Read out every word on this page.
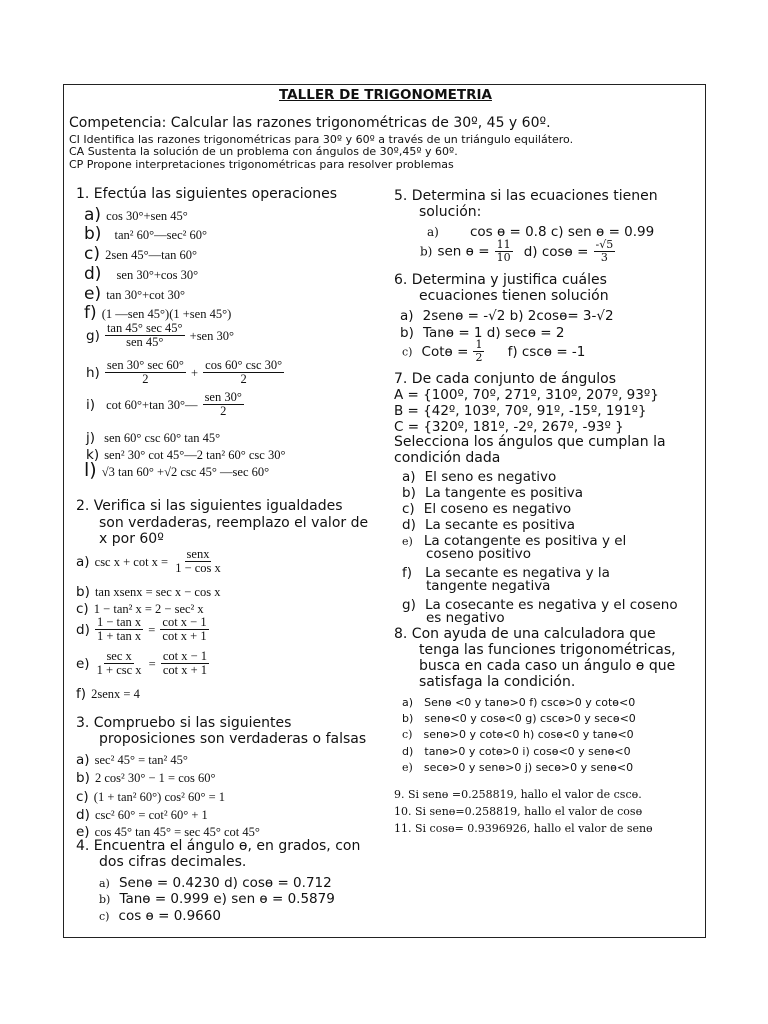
TALLER DE TRIGONOMETRIA
Competencia: Calcular las razones trigonométricas de 30º, 45 y 60º.
CI Identifica las razones trigonométricas para 30º y 60º a través de un triángulo equilátero.
CA Sustenta la solución de un problema con ángulos de 30º,45º y 60º.
CP Propone interpretaciones trigonométricas para resolver problemas
1. Efectúa las siguientes operaciones
a) cos 30°+sen 45°
b) tan² 60°—sec² 60°
c) 2sen 45°—tan 60°
d) sen 30°+cos 30°
e) tan 30°+cot 30°
f) (1 —sen 45°)(1 +sen 45°)
$g) \frac{\tan 45^\circ \sec 45^\circ}{\text{sen 45°}} +sen$ 30°
$h) \frac{\text{sen 30° sec 60°}}{2} + \frac{\cos 60^\circ \csc 30^\circ}{2}$
i) cot 60°+tan 30°— $\frac{\text{sen 30°}}{2}$
j) sen 60° csc 60° tan 45°
k) sen² 30° cot 45°—2 tan² 60° csc 30°
l) √3 tan 60° +√2 csc 45° —sec 60°
2. Verifica si las siguientes igualdades
son verdaderas, reemplazo el valor de
x por 60º
a) $\csc x + \cot x = \frac{\text{senx}}{\text{1 − cos x}}$
b) tan xsenx = sec x − cos x
c) 1 − tan² x = 2 − sec² x
$d) \frac{\text{1 − tan x}}{\text{1 + tan x}} = \frac{\text{cot x − 1}}{\text{cot x + 1}}$
$e) \frac{\text{sec x}}{\text{1 + csc x}} = \frac{\text{cot x − 1}}{\text{cot x + 1}}$
f) 2senx = 4
3. Compruebo si las siguientes
proposiciones son verdaderas o falsas
a) sec² 45° = tan² 45°
b) 2 cos² 30° − 1 = cos 60°
c) (1 + tan² 60°) cos² 60° = 1
d) csc² 60° = cot² 60° + 1
e) cos 45° tan 45° = sec 45° cot 45°
4. Encuentra el ángulo ɵ, en grados, con
dos cifras decimales.
a) Senɵ = 0.4230 d) cosɵ = 0.712
b) Tanɵ = 0.999 e) sen ɵ = 0.5879
c) cos ɵ = 0.9660
5. Determina si las ecuaciones tienen
solución:
a) cos ɵ = 0.8 c) sen ɵ = 0.99
b) sen ɵ = $\frac{11}{10} d$) cosɵ = $\frac{-√5}{3}$
6. Determina y justifica cuáles
ecuaciones tienen solución
a) 2senɵ = -√2 b) 2cosɵ= 3-√2
b) Tanɵ = 1 d) secɵ = 2
c) Cotɵ = $\frac{1}{2} f$) cscɵ = -1
7. De cada conjunto de ángulos
A = {100º, 70º, 271º, 310º, 207º, 93º}
B = {42º, 103º, 70º, 91º, -15º, 191º}
C = {320º, 181º, -2º, 267º, -93º }
Selecciona los ángulos que cumplan la
condición dada
a) El seno es negativo
b) La tangente es positiva
c) El coseno es negativo
d) La secante es positiva
e) La cotangente es positiva y el
coseno positivo
f) La secante es negativa y la
tangente negativa
g) La cosecante es negativa y el coseno
es negativo
8. Con ayuda de una calculadora que
tenga las funciones trigonométricas,
busca en cada caso un ángulo ɵ que
satisfaga la condición.
a) Senɵ <0 y tanɵ>0 f) cscɵ>0 y cotɵ<0
b) senɵ<0 y cosɵ<0 g) cscɵ>0 y secɵ<0
c) senɵ>0 y cotɵ<0 h) cosɵ<0 y tanɵ<0
d) tanɵ>0 y cotɵ>0 i) cosɵ<0 y senɵ<0
e) secɵ>0 y senɵ>0 j) secɵ>0 y senɵ<0
9. Si senɵ =0.258819, hallo el valor de cscɵ.
10. Si senɵ=0.258819, hallo el valor de cosɵ
11. Si cosɵ= 0.9396926, hallo el valor de senɵ
